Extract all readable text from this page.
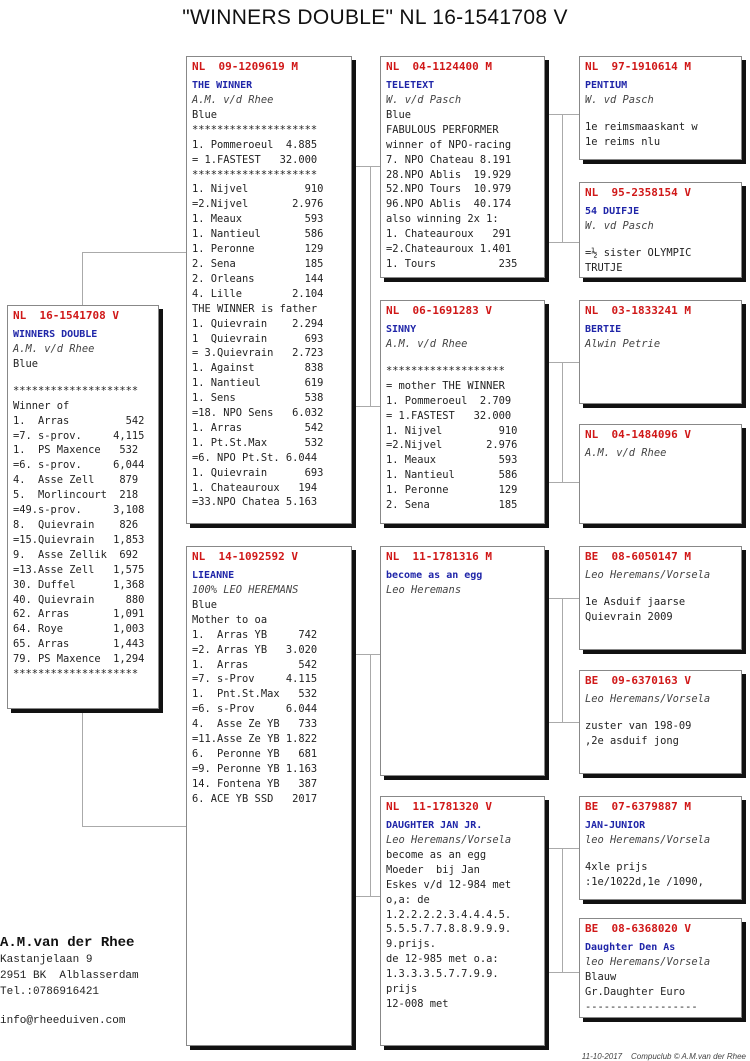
"WINNERS DOUBLE" NL 16-1541708 V
NL  16-1541708 V
WINNERS DOUBLE
A.M. v/d Rhee
Blue
********************
Winner of
1.  Arras         542
=7. s-prov.     4,115
1.  PS Maxence   532
=6. s-prov.     6,044
4.  Asse Zell    879
5.  Morlincourt  218
=49.s-prov.     3,108
8.  Quievrain    826
=15.Quievrain   1,853
9.  Asse Zellik  692
=13.Asse Zell   1,575
30. Duffel      1,368
40. Quievrain     880
62. Arras       1,091
64. Roye        1,003
65. Arras       1,443
79. PS Maxence  1,294
********************
NL  09-1209619 M
THE WINNER
A.M. v/d Rhee
Blue
********************
1. Pommeroeul  4.885
= 1.FASTEST   32.000
********************
1. Nijvel         910
=2.Nijvel       2.976
1. Meaux          593
1. Nantieul       586
1. Peronne        129
2. Sena           185
2. Orleans        144
4. Lille        2.104
THE WINNER is father
1. Quievrain    2.294
1  Quievrain      693
= 3.Quievrain   2.723
1. Against        838
1. Nantieul       619
1. Sens           538
=18. NPO Sens   6.032
1. Arras          542
1. Pt.St.Max      532
=6. NPO Pt.St. 6.044
1. Quievrain      693
1. Chateauroux   194
=33.NPO Chatea 5.163
NL  14-1092592 V
LIEANNE
100% LEO HEREMANS
Blue
Mother to oa
1.  Arras YB     742
=2. Arras YB   3.020
1.  Arras        542
=7. s-Prov     4.115
1.  Pnt.St.Max   532
=6. s-Prov     6.044
4.  Asse Ze YB   733
=11.Asse Ze YB 1.822
6.  Peronne YB   681
=9. Peronne YB 1.163
14. Fontena YB   387
6. ACE YB SSD   2017
NL  04-1124400 M
TELETEXT
W. v/d Pasch
Blue
FABULOUS PERFORMER
winner of NPO-racing
7. NPO Chateau 8.191
28.NPO Ablis  19.929
52.NPO Tours  10.979
96.NPO Ablis  40.174
also winning 2x 1:
1. Chateauroux   291
=2.Chateauroux 1.401
1. Tours          235
NL  06-1691283 V
SINNY
A.M. v/d Rhee
*******************
= mother THE WINNER
1. Pommeroeul  2.709
= 1.FASTEST   32.000
1. Nijvel         910
=2.Nijvel       2.976
1. Meaux          593
1. Nantieul       586
1. Peronne        129
2. Sena           185
NL  11-1781316 M
become as an egg
Leo Heremans
NL  11-1781320 V
DAUGHTER JAN JR.
Leo Heremans/Vorsela
become as an egg
Moeder  bij Jan
Eskes v/d 12-984 met
o,a: de
1.2.2.2.2.3.4.4.4.5.
5.5.5.7.7.8.8.9.9.9.
9.prijs.
de 12-985 met o.a:
1.3.3.3.5.7.7.9.9.
prijs
12-008 met
NL  97-1910614 M
PENTIUM
W. vd Pasch
1e reimsmaaskant w
1e reims nlu
NL  95-2358154 V
54 DUIFJE
W. vd Pasch
=½ sister OLYMPIC
TRUTJE
NL  03-1833241 M
BERTIE
Alwin Petrie
NL  04-1484096 V
A.M. v/d Rhee
BE  08-6050147 M
Leo Heremans/Vorsela
1e Asduif jaarse
Quievrain 2009
BE  09-6370163 V
Leo Heremans/Vorsela
zuster van 198-09
,2e asduif jong
BE  07-6379887 M
JAN-JUNIOR
leo Heremans/Vorsela
4xle prijs
:1e/1022d,1e /1090,
BE  08-6368020 V
Daughter Den As
leo Heremans/Vorsela
Blauw
Gr.Daughter Euro
------------------
A.M.van der Rhee
Kastanjelaan 9
2951 BK  Alblasserdam
Tel.:0786916421
info@rheeduiven.com
11-10-2017    Compuclub © A.M.van der Rhee
